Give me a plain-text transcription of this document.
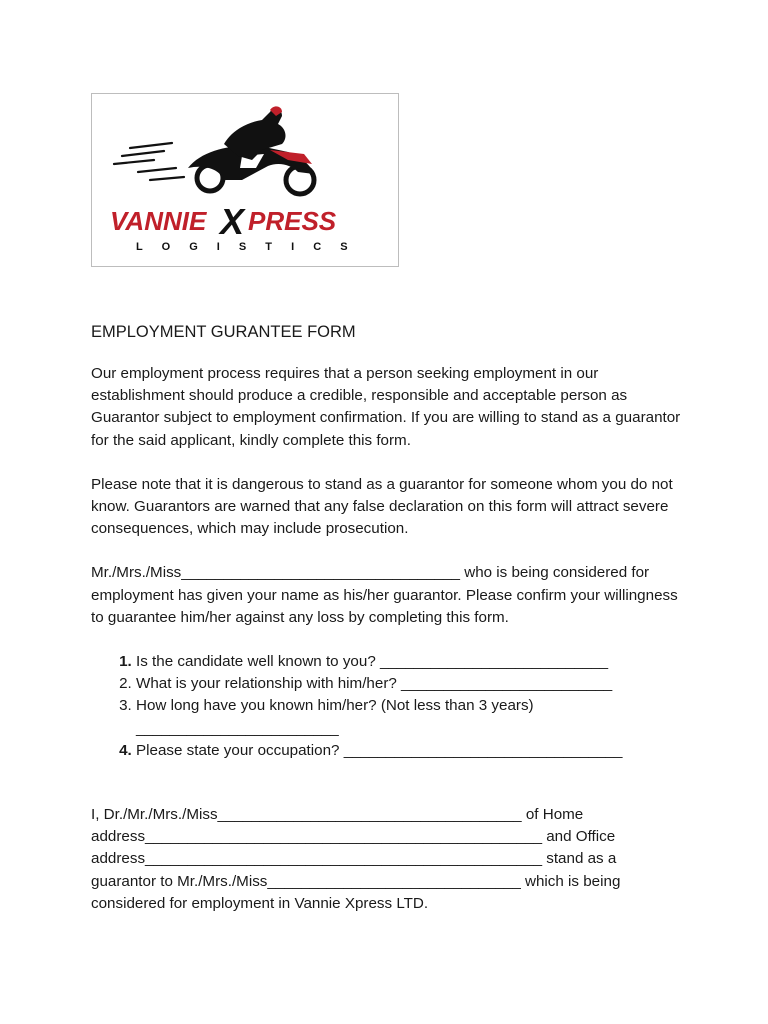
VANNIE X PRESS
L O G I S T I C S
EMPLOYMENT GURANTEE FORM

Our employment process requires that a person seeking employment in our establishment should produce a credible, responsible and acceptable person as Guarantor subject to employment confirmation. If you are willing to stand as a guarantor for the said applicant, kindly complete this form.

Please note that it is dangerous to stand as a guarantor for someone whom you do not know. Guarantors are warned that any false declaration on this form will attract severe consequences, which may include prosecution.

Mr./Mrs./Miss_________________________________ who is being considered for employment has given your name as his/her guarantor. Please confirm your willingness to guarantee him/her against any loss by completing this form.

1. Is the candidate well known to you? ___________________________
2. What is your relationship with him/her? _________________________
3. How long have you known him/her? (Not less than 3 years) ________________________
4. Please state your occupation? _________________________________

I, Dr./Mr./Mrs./Miss____________________________________ of Home address_______________________________________________ and Office address_______________________________________________ stand as a guarantor to Mr./Mrs./Miss______________________________ which is being considered for employment in Vannie Xpress LTD.
